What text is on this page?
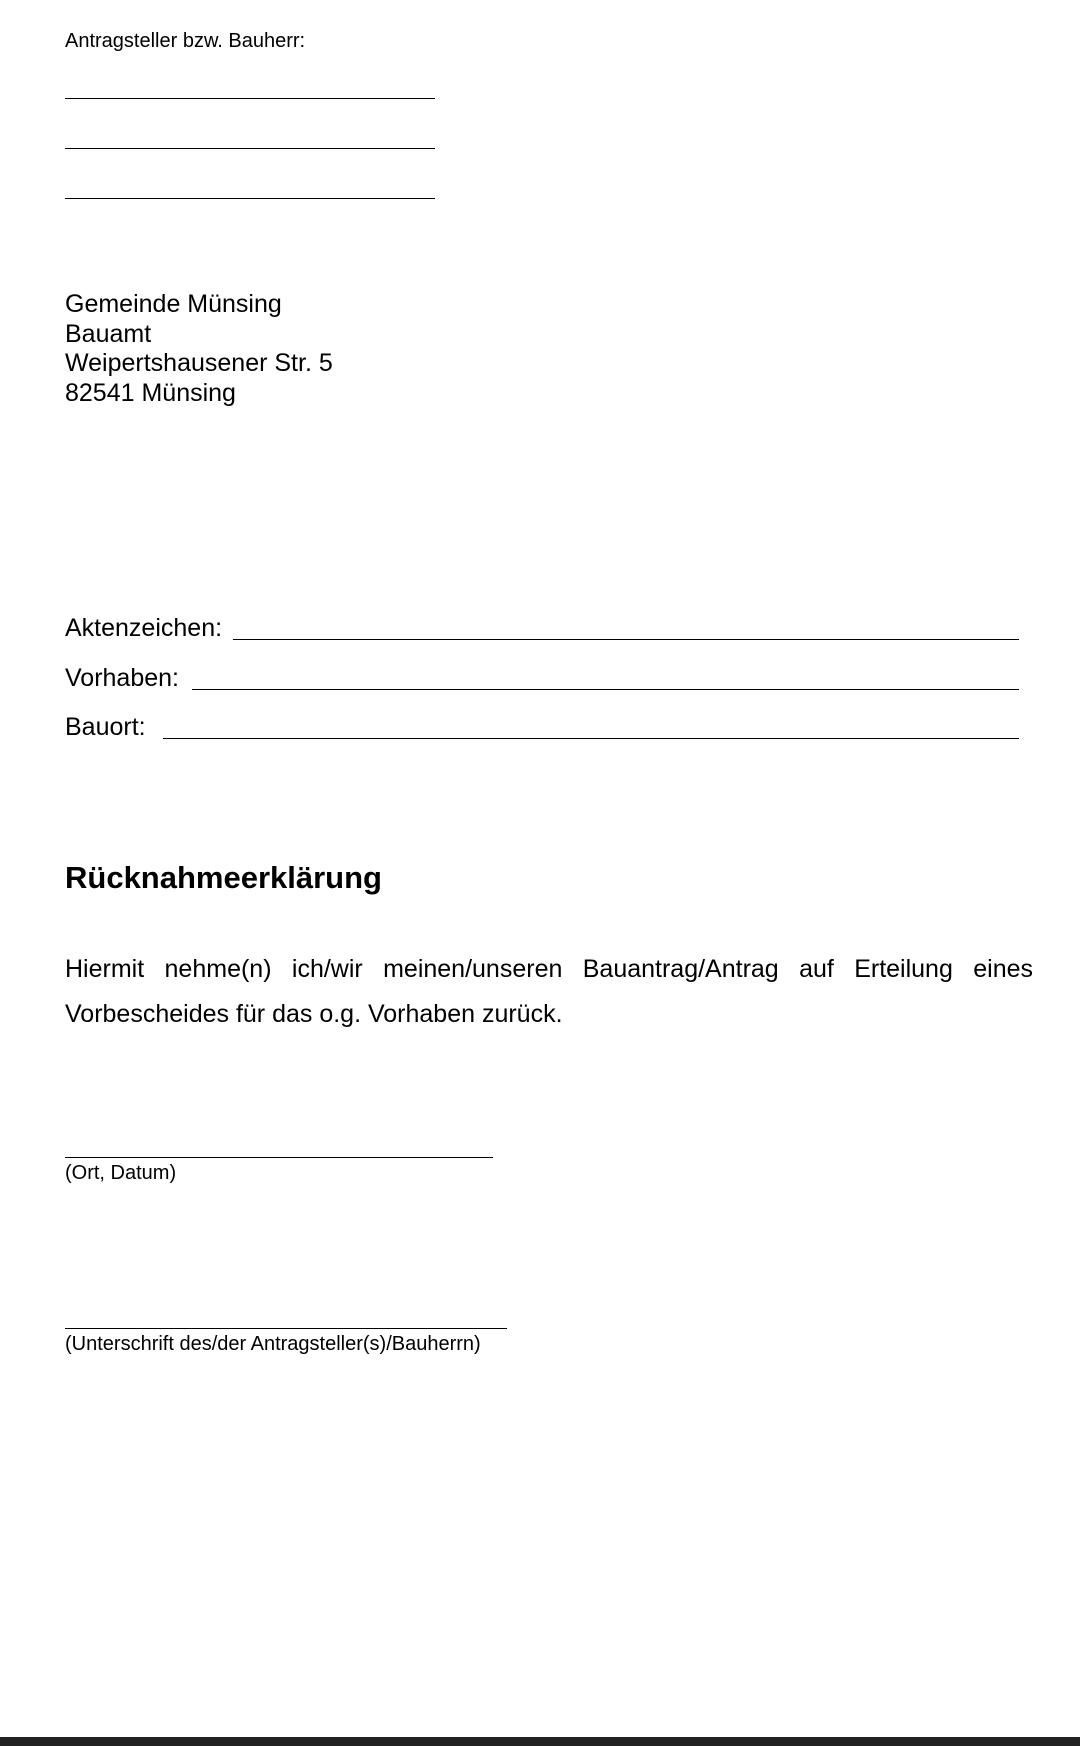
Antragsteller bzw. Bauherr:
Gemeinde Münsing
Bauamt
Weipertshausener Str. 5
82541 Münsing
Aktenzeichen:
Vorhaben:
Bauort:
Rücknahmeerklärung
Hiermit nehme(n) ich/wir meinen/unseren Bauantrag/Antrag auf Erteilung eines Vorbescheides für das o.g. Vorhaben zurück.
(Ort, Datum)
(Unterschrift des/der Antragsteller(s)/Bauherrn)
